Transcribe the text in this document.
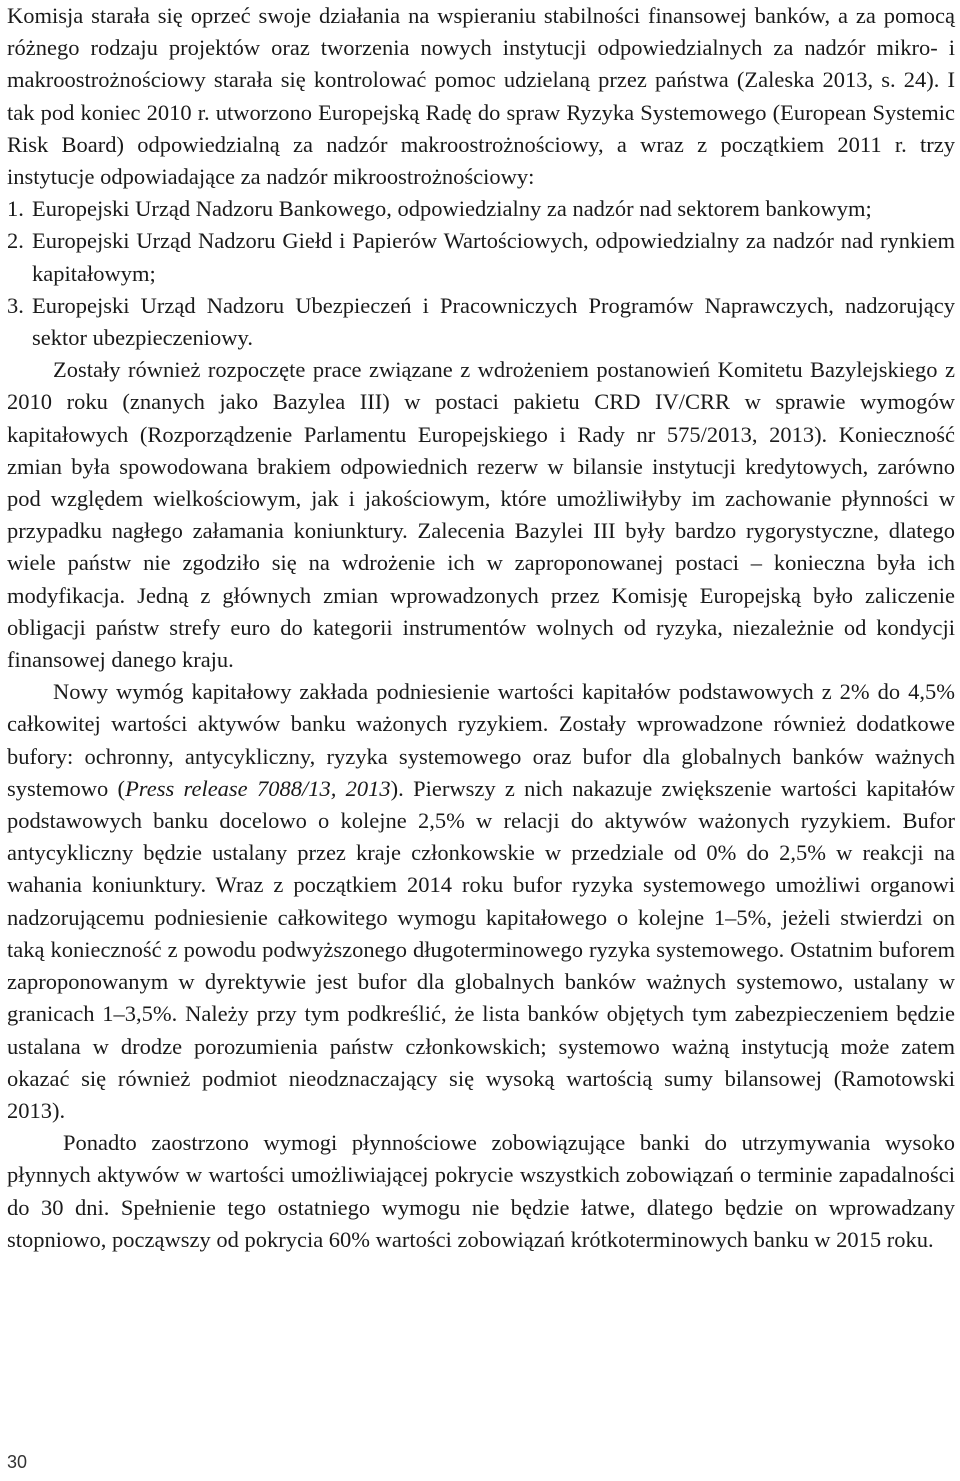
Komisja starała się oprzeć swoje działania na wspieraniu stabilności finansowej banków, a za pomocą różnego rodzaju projektów oraz tworzenia nowych instytucji odpowiedzialnych za nadzór mikro- i makroostrożnościowy starała się kontrolować pomoc udzielaną przez państwa (Zaleska 2013, s. 24). I tak pod koniec 2010 r. utworzono Europejską Radę do spraw Ryzyka Systemowego (European Systemic Risk Board) odpowiedzialną za nadzór makroostrożnościowy, a wraz z początkiem 2011 r. trzy instytucje odpowiadające za nadzór mikroostrożnościowy:

1. Europejski Urząd Nadzoru Bankowego, odpowiedzialny za nadzór nad sektorem bankowym;
2. Europejski Urząd Nadzoru Giełd i Papierów Wartościowych, odpowiedzialny za nadzór nad rynkiem kapitałowym;
3. Europejski Urząd Nadzoru Ubezpieczeń i Pracowniczych Programów Naprawczych, nadzorujący sektor ubezpieczeniowy.

Zostały również rozpoczęte prace związane z wdrożeniem postanowień Komitetu Bazylejskiego z 2010 roku (znanych jako Bazylea III) w postaci pakietu CRD IV/CRR w sprawie wymogów kapitałowych (Rozporządzenie Parlamentu Europejskiego i Rady nr 575/2013, 2013). Konieczność zmian była spowodowana brakiem odpowiednich rezerw w bilansie instytucji kredytowych, zarówno pod względem wielkościowym, jak i jakościowym, które umożliwiłyby im zachowanie płynności w przypadku nagłego załamania koniunktury. Zalecenia Bazylei III były bardzo rygorystyczne, dlatego wiele państw nie zgodziło się na wdrożenie ich w zaproponowanej postaci – konieczna była ich modyfikacja. Jedną z głównych zmian wprowadzonych przez Komisję Europejską było zaliczenie obligacji państw strefy euro do kategorii instrumentów wolnych od ryzyka, niezależnie od kondycji finansowej danego kraju.

Nowy wymóg kapitałowy zakłada podniesienie wartości kapitałów podstawowych z 2% do 4,5% całkowitej wartości aktywów banku ważonych ryzykiem. Zostały wprowadzone również dodatkowe bufory: ochronny, antycykliczny, ryzyka systemowego oraz bufor dla globalnych banków ważnych systemowo (Press release 7088/13, 2013). Pierwszy z nich nakazuje zwiększenie wartości kapitałów podstawowych banku docelowo o kolejne 2,5% w relacji do aktywów ważonych ryzykiem. Bufor antycykliczny będzie ustalany przez kraje członkowskie w przedziale od 0% do 2,5% w reakcji na wahania koniunktury. Wraz z początkiem 2014 roku bufor ryzyka systemowego umożliwi organowi nadzorującemu podniesienie całkowitego wymogu kapitałowego o kolejne 1–5%, jeżeli stwierdzi on taką konieczność z powodu podwyższonego długoterminowego ryzyka systemowego. Ostatnim buforem zaproponowanym w dyrektywie jest bufor dla globalnych banków ważnych systemowo, ustalany w granicach 1–3,5%. Należy przy tym podkreślić, że lista banków objętych tym zabezpieczeniem będzie ustalana w drodze porozumienia państw członkowskich; systemowo ważną instytucją może zatem okazać się również podmiot nieodznaczający się wysoką wartością sumy bilansowej (Ramotowski 2013).

Ponadto zaostrzono wymogi płynnościowe zobowiązujące banki do utrzymywania wysoko płynnych aktywów w wartości umożliwiającej pokrycie wszystkich zobowiązań o terminie zapadalności do 30 dni. Spełnienie tego ostatniego wymogu nie będzie łatwe, dlatego będzie on wprowadzany stopniowo, począwszy od pokrycia 60% wartości zobowiązań krótkoterminowych banku w 2015 roku.

30
